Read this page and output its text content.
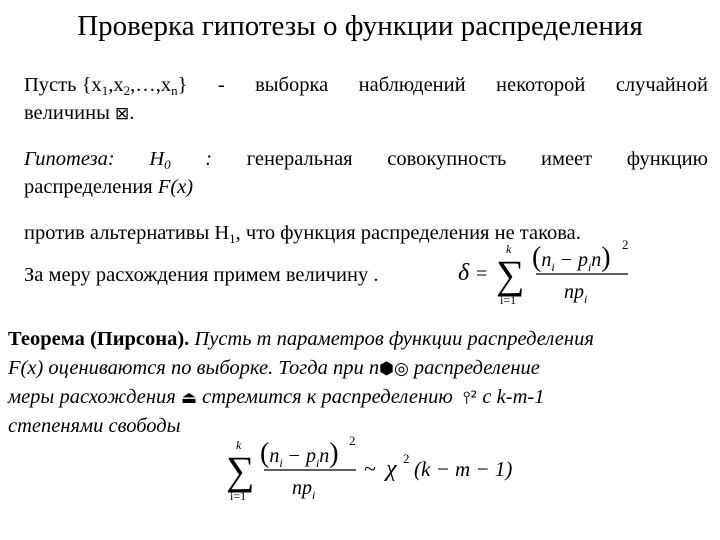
Проверка гипотезы о функции распределения
Пусть $\{x_1,x_2,\dots,x_n\}$ - выборка наблюдений некоторой случайной
величины ⊠.
Гипотеза: $H_0$ : генеральная совокупность имеет функцию
распределения F(x)
против альтернативы $H_1$, что функция распределения не такова.
За меру расхождения примем величину .	δ = ∑
k
i=1
$(n_i - p_in)$ 2
$np_i$
Теорема (Пирсона). Пусть m параметров функции распределения
F(x) оцениваются по выборке. Тогда при n⬢◎ распределение
меры расхождения ⏏ стремится к распределению ⫯² с k-m-1
степенями свободы
∑
k
i=1
$(n_i - p_in)$ 2
$np_i$
~ χ 2 (k − m − 1)
